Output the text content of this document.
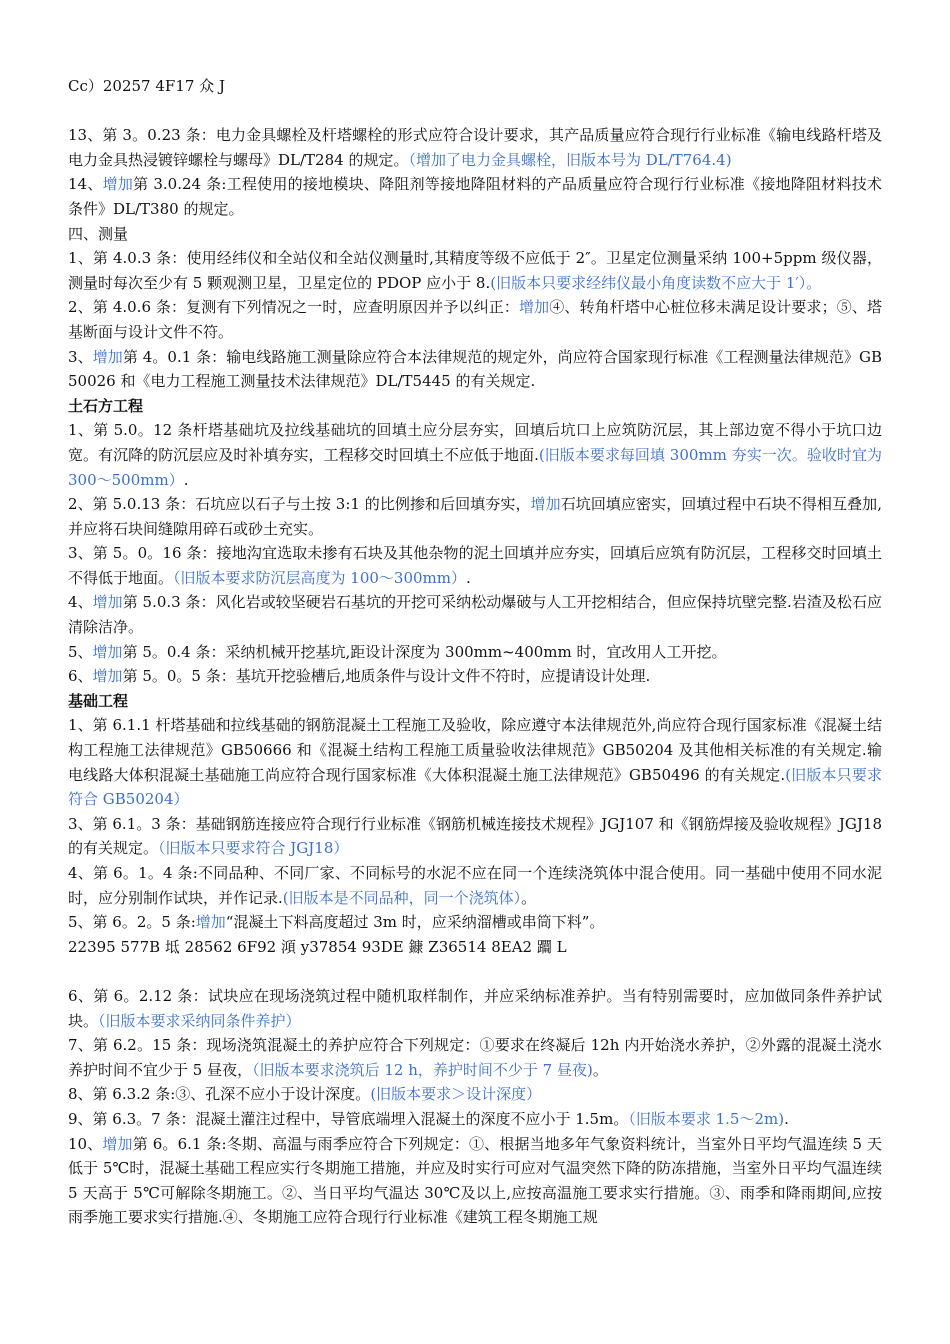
Cc）20257 4F17 众 J

13、第 3。0.23 条：电力金具螺栓及杆塔螺栓的形式应符合设计要求，其产品质量应符合现行行业标准《输电线路杆塔及电力金具热浸镀锌螺栓与螺母》DL/T284 的规定。（增加了电力金具螺栓，旧版本号为 DL/T764.4)

14、增加第 3.0.24 条:工程使用的接地模块、降阻剂等接地降阻材料的产品质量应符合现行行业标准《接地降阻材料技术条件》DL/T380 的规定。

四、测量

1、第 4.0.3 条：使用经纬仪和全站仪和全站仪测量时,其精度等级不应低于 2″。卫星定位测量采纳 100+5ppm 级仪器，测量时每次至少有 5 颗观测卫星，卫星定位的 PDOP 应小于 8.(旧版本只要求经纬仪最小角度读数不应大于 1′）。

2、第 4.0.6 条：复测有下列情况之一时，应查明原因并予以纠正：增加④、转角杆塔中心桩位移未满足设计要求；⑤、塔基断面与设计文件不符。

3、增加第 4。0.1 条：输电线路施工测量除应符合本法律规范的规定外，尚应符合国家现行标准《工程测量法律规范》GB50026 和《电力工程施工测量技术法律规范》DL/T5445 的有关规定.

土石方工程

1、第 5.0。12 条杆塔基础坑及拉线基础坑的回填土应分层夯实，回填后坑口上应筑防沉层，其上部边宽不得小于坑口边宽。有沉降的防沉层应及时补填夯实，工程移交时回填土不应低于地面.(旧版本要求每回填 300mm 夯实一次。验收时宜为 300～500mm）.

2、第 5.0.13 条：石坑应以石子与土按 3:1 的比例掺和后回填夯实，增加石坑回填应密实，回填过程中石块不得相互叠加,并应将石块间缝隙用碎石或砂土充实。

3、第 5。0。16 条：接地沟宜选取未掺有石块及其他杂物的泥土回填并应夯实，回填后应筑有防沉层，工程移交时回填土不得低于地面。（旧版本要求防沉层高度为 100～300mm）.

4、增加第 5.0.3 条：风化岩或较坚硬岩石基坑的开挖可采纳松动爆破与人工开挖相结合，但应保持坑壁完整.岩渣及松石应清除洁净。

5、增加第 5。0.4 条：采纳机械开挖基坑,距设计深度为 300mm~400mm 时，宜改用人工开挖。

6、增加第 5。0。5 条：基坑开挖验槽后,地质条件与设计文件不符时，应提请设计处理.

基础工程

1、第 6.1.1 杆塔基础和拉线基础的钢筋混凝土工程施工及验收，除应遵守本法律规范外,尚应符合现行国家标准《混凝土结构工程施工法律规范》GB50666 和《混凝土结构工程施工质量验收法律规范》GB50204 及其他相关标准的有关规定.输电线路大体积混凝土基础施工尚应符合现行国家标准《大体积混凝土施工法律规范》GB50496 的有关规定.(旧版本只要求符合 GB50204）

3、第 6.1。3 条：基础钢筋连接应符合现行行业标准《钢筋机械连接技术规程》JGJ107 和《钢筋焊接及验收规程》JGJ18 的有关规定。（旧版本只要求符合 JGJ18）

4、第 6。1。4 条:不同品种、不同厂家、不同标号的水泥不应在同一个连续浇筑体中混合使用。同一基础中使用不同水泥时，应分别制作试块，并作记录.(旧版本是不同品种，同一个浇筑体）。

5、第 6。2。5 条:增加“混凝土下料高度超过 3m 时，应采纳溜槽或串筒下料”。

22395 577B 坻 28562 6F92 澒 y37854 93DE 鏮 Z36514 8EA2 躢 L

6、第 6。2.12 条：试块应在现场浇筑过程中随机取样制作，并应采纳标准养护。当有特别需要时，应加做同条件养护试块。（旧版本要求采纳同条件养护）

7、第 6.2。15 条：现场浇筑混凝土的养护应符合下列规定：①要求在终凝后 12h 内开始浇水养护，②外露的混凝土浇水养护时间不宜少于 5 昼夜，（旧版本要求浇筑后 12 h，养护时间不少于 7 昼夜)。

8、第 6.3.2 条:③、孔深不应小于设计深度。(旧版本要求＞设计深度）

9、第 6.3。7 条：混凝土灌注过程中，导管底端埋入混凝土的深度不应小于 1.5m。（旧版本要求 1.5～2m).

10、增加第 6。6.1 条:冬期、高温与雨季应符合下列规定：①、根据当地多年气象资料统计，当室外日平均气温连续 5 天低于 5℃时，混凝土基础工程应实行冬期施工措施，并应及时实行可应对气温突然下降的防冻措施，当室外日平均气温连续 5 天高于 5℃可解除冬期施工。②、当日平均气温达 30℃及以上,应按高温施工要求实行措施。③、雨季和降雨期间,应按雨季施工要求实行措施.④、冬期施工应符合现行行业标准《建筑工程冬期施工规
